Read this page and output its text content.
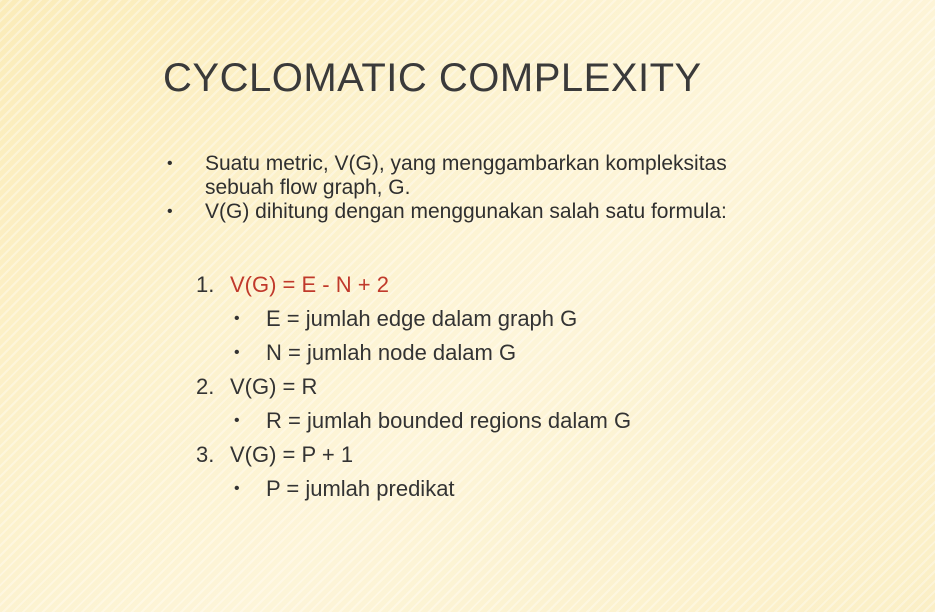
CYCLOMATIC COMPLEXITY
•	Suatu metric, V(G), yang menggambarkan kompleksitas sebuah flow graph, G.
•	V(G) dihitung dengan menggunakan salah satu formula:
1. V(G) = E - N + 2
•	E = jumlah edge dalam graph G
•	N = jumlah node dalam G
2. V(G) = R
•	R = jumlah bounded regions dalam G
3. V(G) = P + 1
•	P = jumlah predikat
